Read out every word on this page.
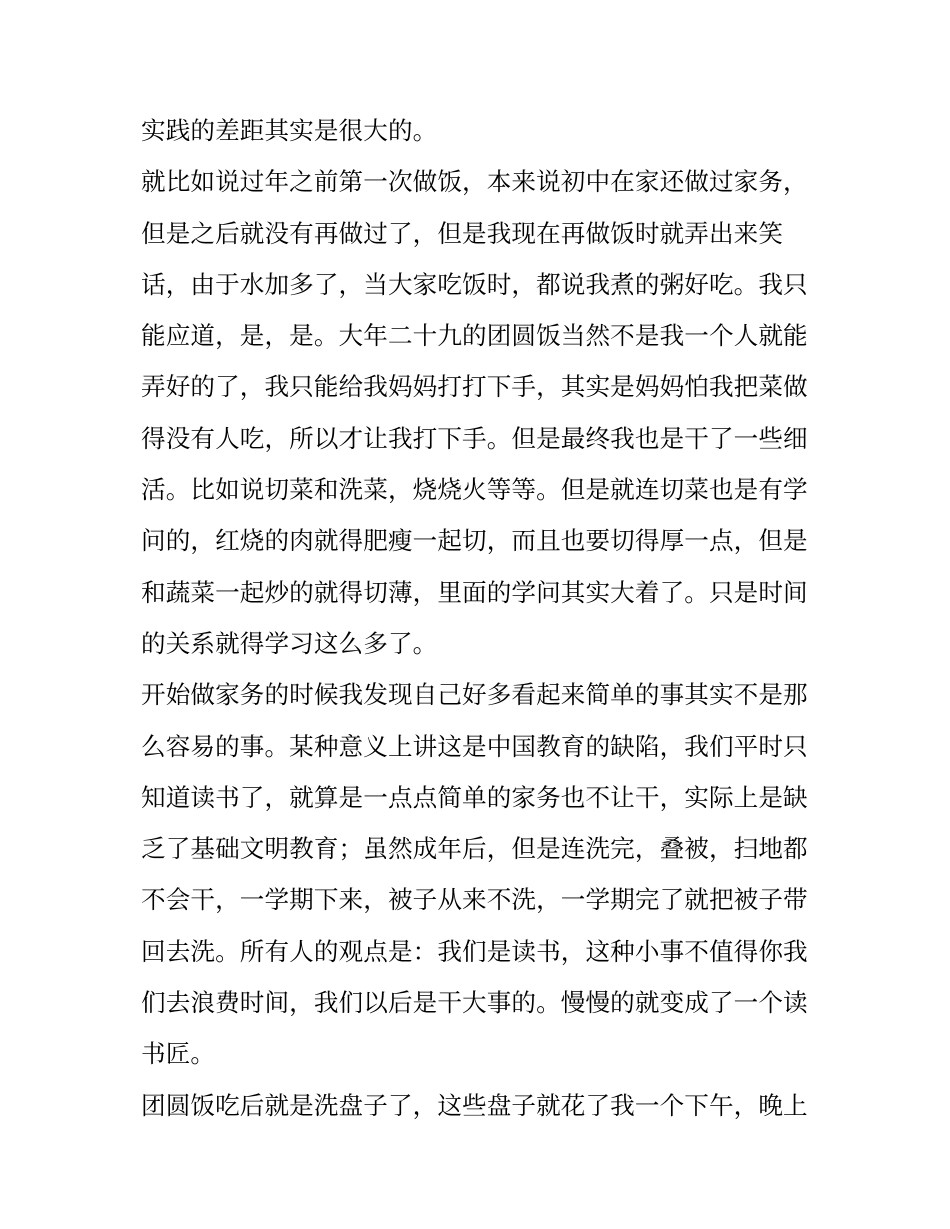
实践的差距其实是很大的。
就比如说过年之前第一次做饭，本来说初中在家还做过家务，
但是之后就没有再做过了，但是我现在再做饭时就弄出来笑
话，由于水加多了，当大家吃饭时，都说我煮的粥好吃。我只
能应道，是，是。大年二十九的团圆饭当然不是我一个人就能
弄好的了，我只能给我妈妈打打下手，其实是妈妈怕我把菜做
得没有人吃，所以才让我打下手。但是最终我也是干了一些细
活。比如说切菜和洗菜，烧烧火等等。但是就连切菜也是有学
问的，红烧的肉就得肥瘦一起切，而且也要切得厚一点，但是
和蔬菜一起炒的就得切薄，里面的学问其实大着了。只是时间
的关系就得学习这么多了。
开始做家务的时候我发现自己好多看起来简单的事其实不是那
么容易的事。某种意义上讲这是中国教育的缺陷，我们平时只
知道读书了，就算是一点点简单的家务也不让干，实际上是缺
乏了基础文明教育；虽然成年后，但是连洗完，叠被，扫地都
不会干，一学期下来，被子从来不洗，一学期完了就把被子带
回去洗。所有人的观点是：我们是读书，这种小事不值得你我
们去浪费时间，我们以后是干大事的。慢慢的就变成了一个读
书匠。
团圆饭吃后就是洗盘子了，这些盘子就花了我一个下午，晚上
